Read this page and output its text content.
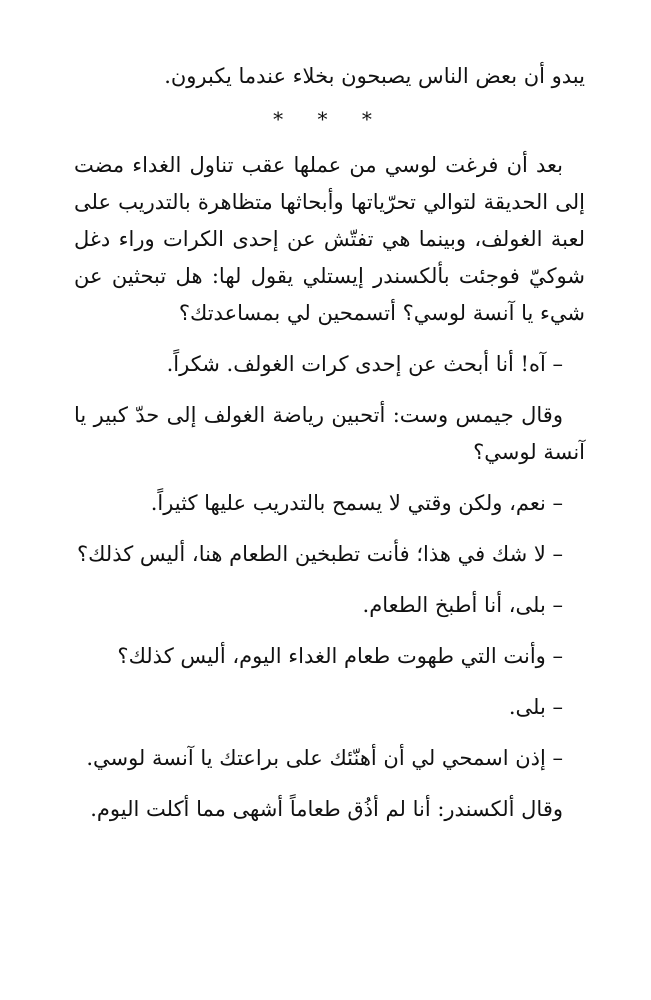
يبدو أن بعض الناس يصبحون بخلاء عندما يكبرون.

* * *

بعد أن فرغت لوسي من عملها عقب تناول الغداء مضت إلى الحديقة لتوالي تحرّياتها وأبحاثها متظاهرة بالتدريب على لعبة الغولف، وبينما هي تفتّش عن إحدى الكرات وراء دغل شوكيّ فوجئت بألكسندر إيستلي يقول لها: هل تبحثين عن شيء يا آنسة لوسي؟ أتسمحين لي بمساعدتك؟

– آه! أنا أبحث عن إحدى كرات الغولف. شكراً.

وقال جيمس وست: أتحبين رياضة الغولف إلى حدّ كبير يا آنسة لوسي؟

– نعم، ولكن وقتي لا يسمح بالتدريب عليها كثيراً.

– لا شك في هذا؛ فأنت تطبخين الطعام هنا، أليس كذلك؟

– بلى، أنا أطبخ الطعام.

– وأنت التي طهوت طعام الغداء اليوم، أليس كذلك؟

– بلى.

– إذن اسمحي لي أن أهنّئك على براعتك يا آنسة لوسي.

وقال ألكسندر: أنا لم أذُق طعاماً أشهى مما أكلت اليوم.
